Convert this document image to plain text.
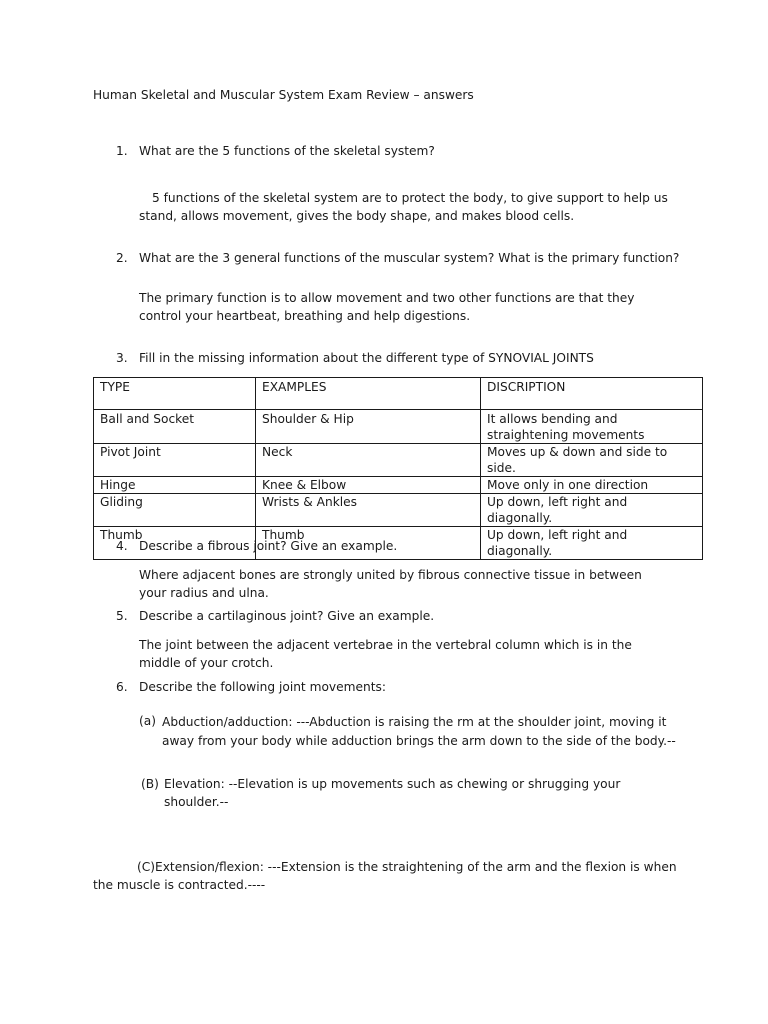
Human Skeletal and Muscular System Exam Review – answers

1. What are the 5 functions of the skeletal system?

5 functions of the skeletal system are to protect the body, to give support to help us stand, allows movement, gives the body shape, and makes blood cells.

2. What are the 3 general functions of the muscular system? What is the primary function?

The primary function is to allow movement and two other functions are that they control your heartbeat, breathing and help digestions.

3. Fill in the missing information about the different type of SYNOVIAL JOINTS
TYPE	EXAMPLES	DISCRIPTION
Ball and Socket	Shoulder & Hip	It allows bending and straightening movements
Pivot Joint	Neck	Moves up & down and side to side.
Hinge	Knee & Elbow	Move only in one direction
Gliding	Wrists & Ankles	Up down, left right and diagonally.
Thumb	Thumb	Up down, left right and diagonally.
4. Describe a fibrous joint? Give an example.

Where adjacent bones are strongly united by fibrous connective tissue in between your radius and ulna.

5. Describe a cartilaginous joint? Give an example.

The joint between the adjacent vertebrae in the vertebral column which is in the middle of your crotch.

6. Describe the following joint movements:
(a) Abduction/adduction: ---Abduction is raising the rm at the shoulder joint, moving it away from your body while adduction brings the arm down to the side of the body.--

(B) Elevation: --Elevation is up movements such as chewing or shrugging your shoulder.--

(C)Extension/flexion: ---Extension is the straightening of the arm and the flexion is when the muscle is contracted.----
